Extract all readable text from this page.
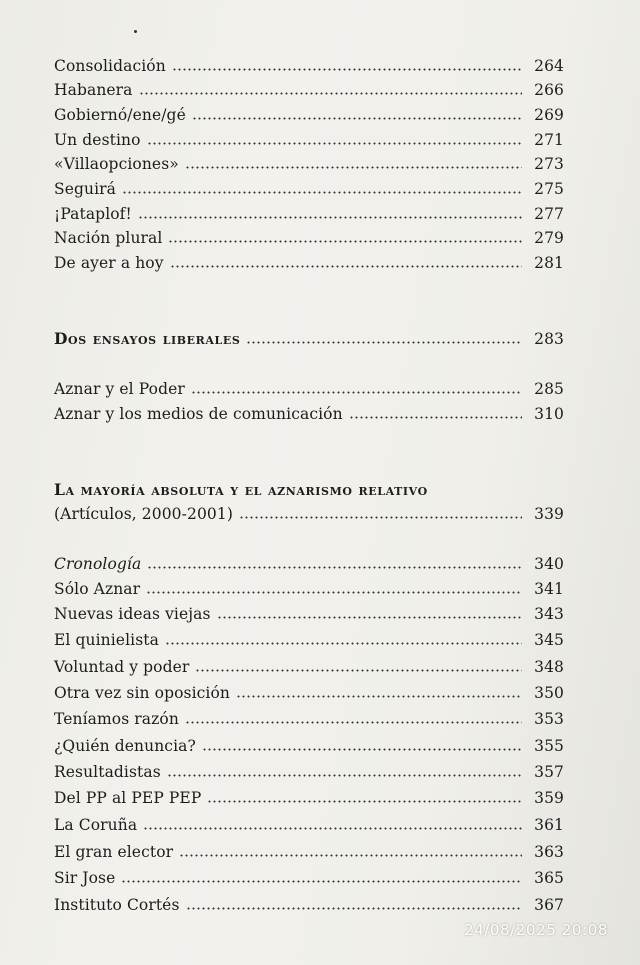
Consolidación	264
Habanera	266
Gobiernó/ene/gé	269
Un destino	271
«Villaopciones»	273
Seguirá	275
¡Pataplof!	277
Nación plural	279
De ayer a hoy	281
Dos ensayos liberales	283
Aznar y el Poder	285
Aznar y los medios de comunicación	310
La mayoría absoluta y el aznarismo relativo
(Artículos, 2000-2001)	339
Cronología	340
Sólo Aznar	341
Nuevas ideas viejas	343
El quinielista	345
Voluntad y poder	348
Otra vez sin oposición	350
Teníamos razón	353
¿Quién denuncia?	355
Resultadistas	357
Del PP al PEP PEP	359
La Coruña	361
El gran elector	363
Sir Jose	365
Instituto Cortés	367
24/08/2025 20:08
